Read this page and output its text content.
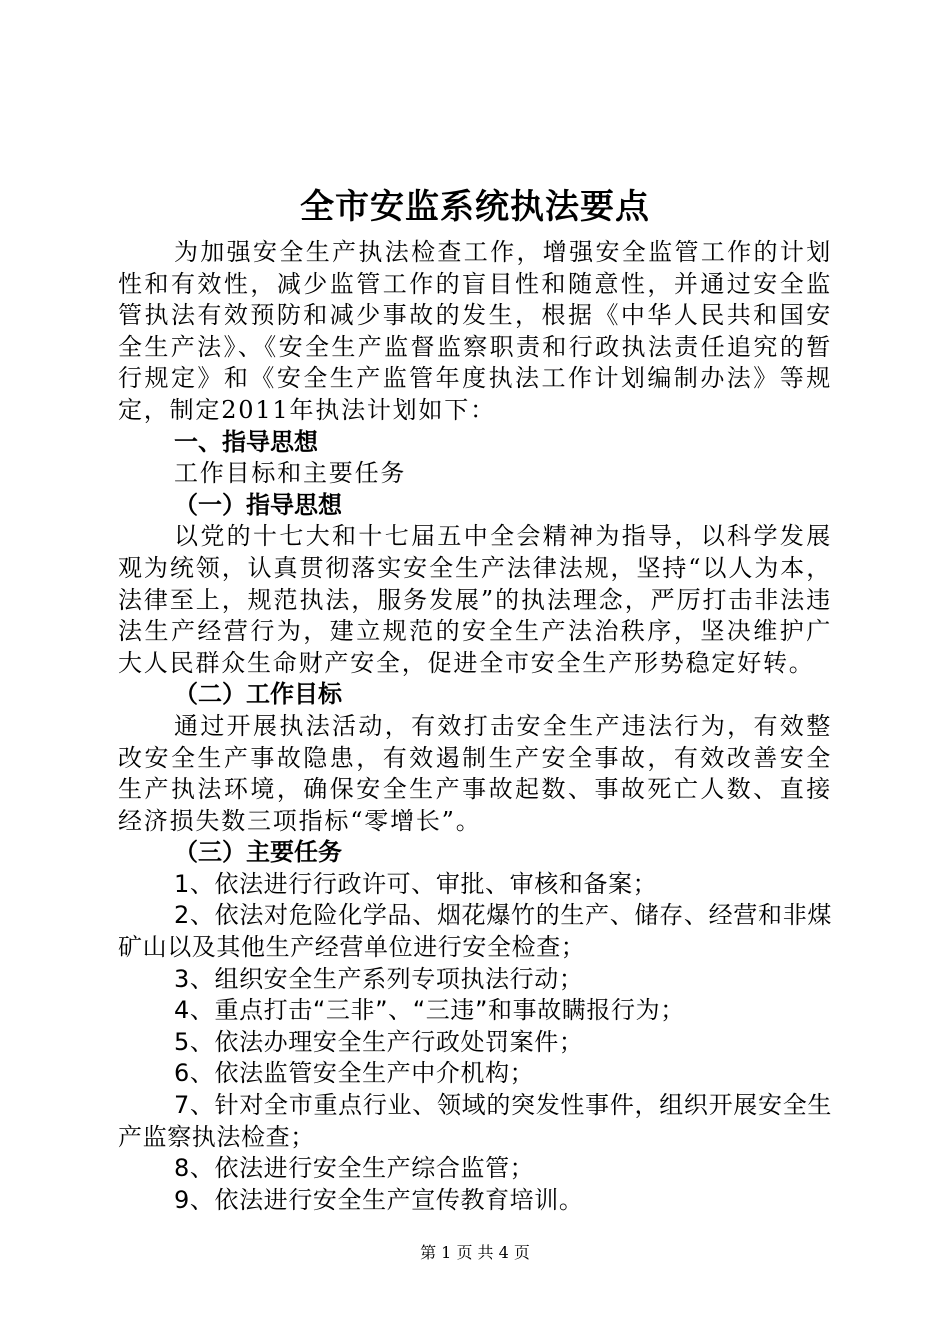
全市安监系统执法要点

为加强安全生产执法检查工作，增强安全监管工作的计划性和有效性，减少监管工作的盲目性和随意性，并通过安全监管执法有效预防和减少事故的发生，根据《中华人民共和国安全生产法》、《安全生产监督监察职责和行政执法责任追究的暂行规定》和《安全生产监管年度执法工作计划编制办法》等规定，制定2011年执法计划如下：

一、指导思想

工作目标和主要任务

（一）指导思想

以党的十七大和十七届五中全会精神为指导，以科学发展观为统领，认真贯彻落实安全生产法律法规，坚持“以人为本，法律至上，规范执法，服务发展”的执法理念，严厉打击非法违法生产经营行为，建立规范的安全生产法治秩序，坚决维护广大人民群众生命财产安全，促进全市安全生产形势稳定好转。

（二）工作目标

通过开展执法活动，有效打击安全生产违法行为，有效整改安全生产事故隐患，有效遏制生产安全事故，有效改善安全生产执法环境，确保安全生产事故起数、事故死亡人数、直接经济损失数三项指标“零增长”。

（三）主要任务

1、依法进行行政许可、审批、审核和备案；

2、依法对危险化学品、烟花爆竹的生产、储存、经营和非煤矿山以及其他生产经营单位进行安全检查；

3、组织安全生产系列专项执法行动；

4、重点打击“三非”、“三违”和事故瞒报行为；

5、依法办理安全生产行政处罚案件；

6、依法监管安全生产中介机构；

7、针对全市重点行业、领域的突发性事件，组织开展安全生产监察执法检查；

8、依法进行安全生产综合监管；

9、依法进行安全生产宣传教育培训。

第 1 页 共 4 页
